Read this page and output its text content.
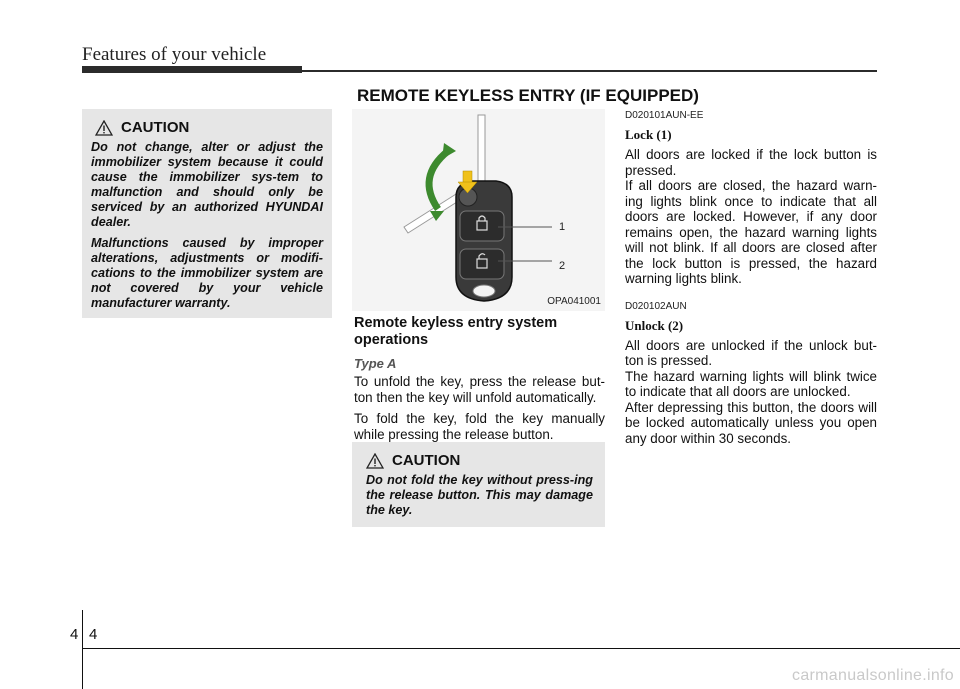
Features of your vehicle
REMOTE KEYLESS ENTRY (IF EQUIPPED)
CAUTION

Do not change, alter or adjust the immobilizer system because it could cause the immobilizer sys-tem to malfunction and should only be serviced by an authorized HYUNDAI dealer.

Malfunctions caused by improper alterations, adjustments or modifi-cations to the immobilizer system are not covered by your vehicle manufacturer warranty.

1
2
OPA041001
Remote keyless entry system operations
Type A

To unfold the key, press the release but-ton then the key will unfold automatically.

To fold the key, fold the key manually while pressing the release button.

CAUTION

Do not fold the key without press-ing the release button. This may damage the key.

D020101AUN-EE
Lock (1)

All doors are locked if the lock button is pressed.

If all doors are closed, the hazard warn-ing lights blink once to indicate that all doors are locked. However, if any door remains open, the hazard warning lights will not blink. If all doors are closed after the lock button is pressed, the hazard warning lights blink.

D020102AUN
Unlock (2)

All doors are unlocked if the unlock but-ton is pressed.

The hazard warning lights will blink twice to indicate that all doors are unlocked.

After depressing this button, the doors will be locked automatically unless you open any door within 30 seconds.

4 4
carmanualsonline.info
